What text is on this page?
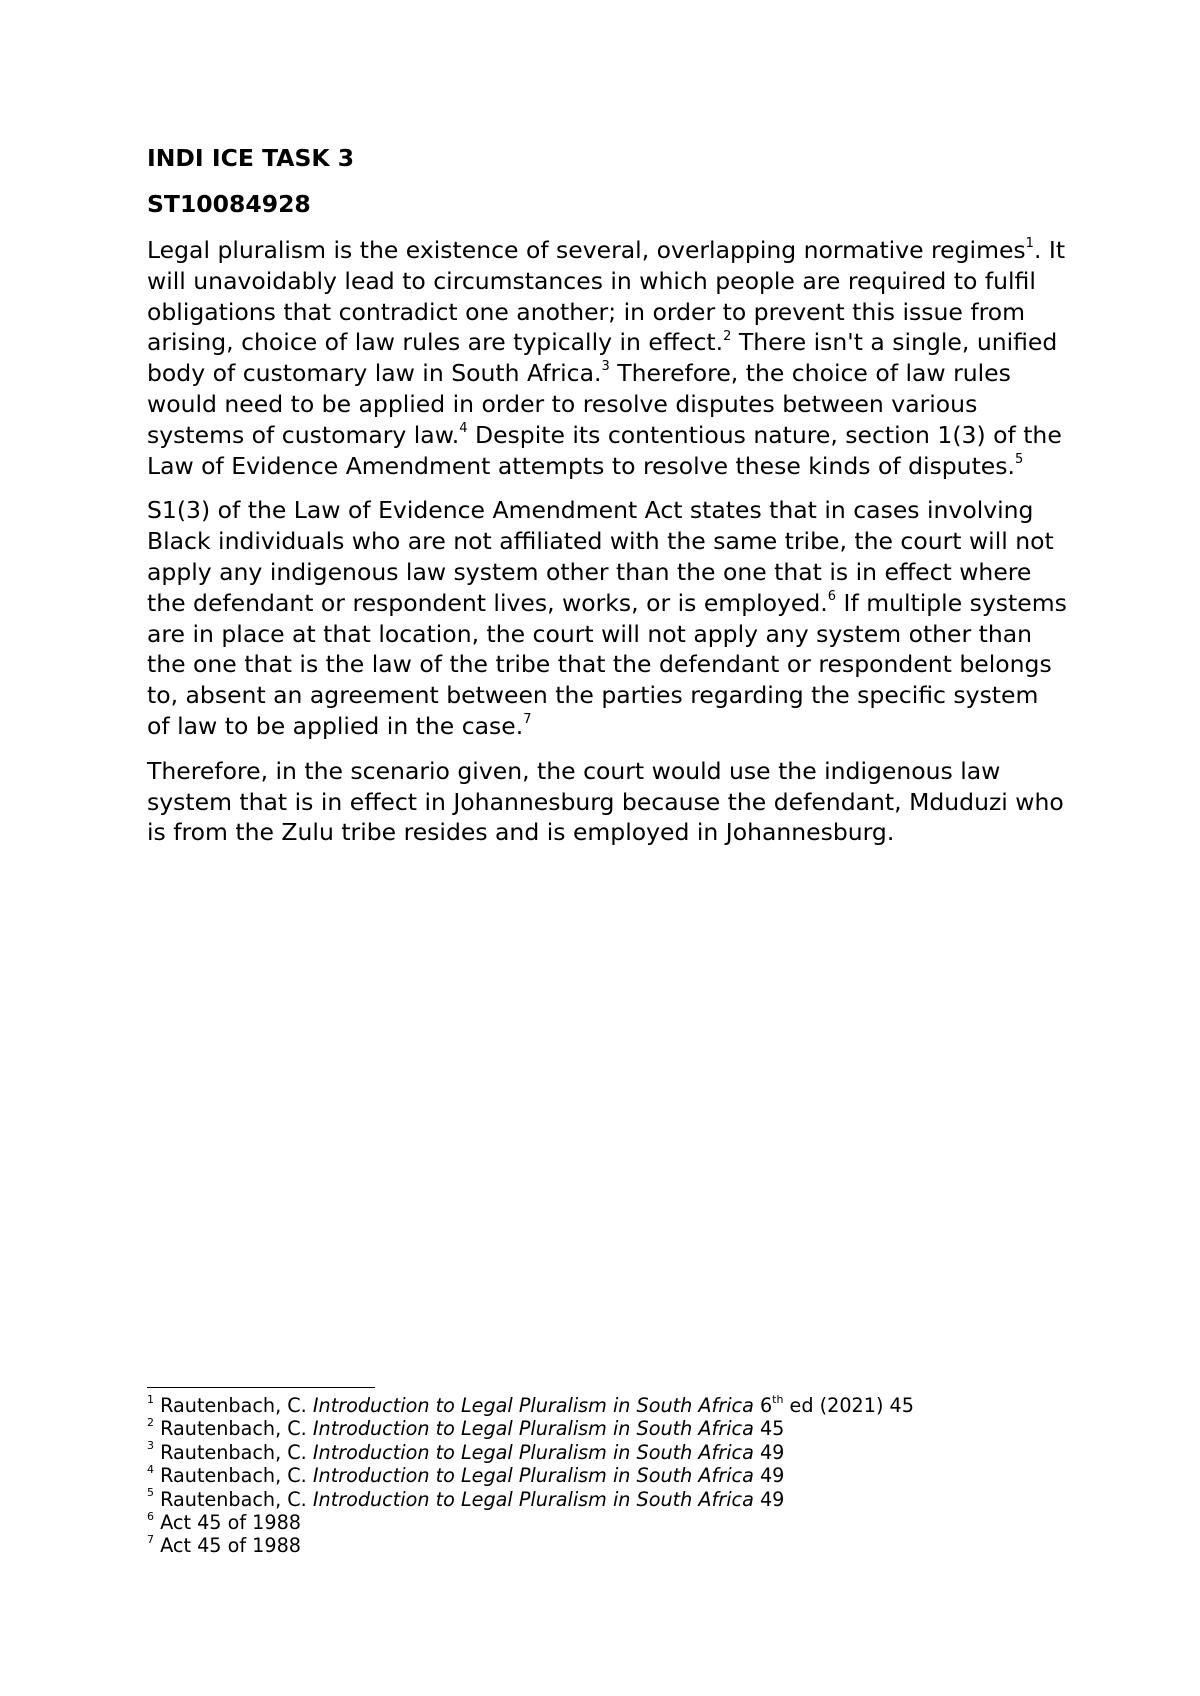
INDI ICE TASK 3
ST10084928

Legal pluralism is the existence of several, overlapping normative regimes$^1$. It will unavoidably lead to circumstances in which people are required to fulfil obligations that contradict one another; in order to prevent this issue from arising, choice of law rules are typically in effect.$^2$ There isn't a single, unified body of customary law in South Africa.$^3$ Therefore, the choice of law rules would need to be applied in order to resolve disputes between various systems of customary law.$^4$ Despite its contentious nature, section 1(3) of the Law of Evidence Amendment attempts to resolve these kinds of disputes.$^5$

S1(3) of the Law of Evidence Amendment Act states that in cases involving Black individuals who are not affiliated with the same tribe, the court will not apply any indigenous law system other than the one that is in effect where the defendant or respondent lives, works, or is employed.$^6$ If multiple systems are in place at that location, the court will not apply any system other than the one that is the law of the tribe that the defendant or respondent belongs to, absent an agreement between the parties regarding the specific system of law to be applied in the case.$^7$

Therefore, in the scenario given, the court would use the indigenous law system that is in effect in Johannesburg because the defendant, Mduduzi who is from the Zulu tribe resides and is employed in Johannesburg.

$^1$ Rautenbach, C. Introduction to Legal Pluralism in South Africa 6th ed (2021) 45
$^2$ Rautenbach, C. Introduction to Legal Pluralism in South Africa 45
$^3$ Rautenbach, C. Introduction to Legal Pluralism in South Africa 49
$^4$ Rautenbach, C. Introduction to Legal Pluralism in South Africa 49
$^5$ Rautenbach, C. Introduction to Legal Pluralism in South Africa 49
$^6$ Act 45 of 1988
$^7$ Act 45 of 1988
